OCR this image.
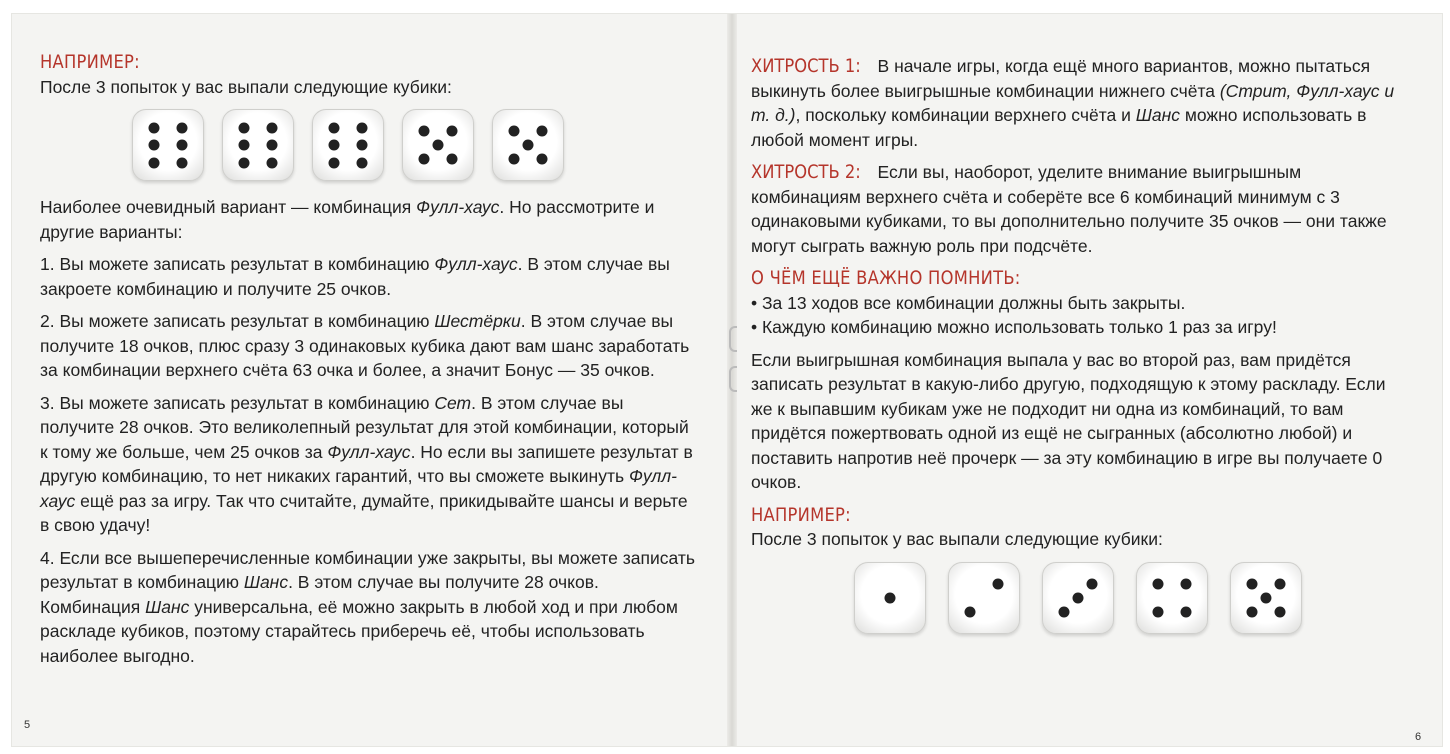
НАПРИМЕР:

После 3 попыток у вас выпали следующие кубики:

Наиболее очевидный вариант — комбинация Фулл-хаус. Но рассмотрите и другие варианты:

1. Вы можете записать результат в комбинацию Фулл-хаус. В этом случае вы закроете комбинацию и получите 25 очков.

2. Вы можете записать результат в комбинацию Шестёрки. В этом случае вы получите 18 очков, плюс сразу 3 одинаковых кубика дают вам шанс заработать за комбинации верхнего счёта 63 очка и более, а значит Бонус — 35 очков.

3. Вы можете записать результат в комбинацию Сет. В этом случае вы получите 28 очков. Это великолепный результат для этой комбинации, который к тому же больше, чем 25 очков за Фулл-хаус. Но если вы запишете результат в другую комбинацию, то нет никаких гарантий, что вы сможете выкинуть Фулл-хаус ещё раз за игру. Так что считайте, думайте, прикидывайте шансы и верьте в свою удачу!

4. Если все вышеперечисленные комбинации уже закрыты, вы можете записать результат в комбинацию Шанс. В этом случае вы получите 28 очков. Комбинация Шанс универсальна, её можно закрыть в любой ход и при любом раскладе кубиков, поэтому старайтесь приберечь её, чтобы использовать наиболее выгодно.

5

ХИТРОСТЬ 1: В начале игры, когда ещё много вариантов, можно пытаться выкинуть более выигрышные комбинации нижнего счёта (Стрит, Фулл-хаус и т. д.), поскольку комбинации верхнего счёта и Шанс можно использовать в любой момент игры.

ХИТРОСТЬ 2: Если вы, наоборот, уделите внимание выигрышным комбинациям верхнего счёта и соберёте все 6 комбинаций минимум с 3 одинаковыми кубиками, то вы дополнительно получите 35 очков — они также могут сыграть важную роль при подсчёте.

О ЧЁМ ЕЩЁ ВАЖНО ПОМНИТЬ:
• За 13 ходов все комбинации должны быть закрыты.
• Каждую комбинацию можно использовать только 1 раз за игру!

Если выигрышная комбинация выпала у вас во второй раз, вам придётся записать результат в какую-либо другую, подходящую к этому раскладу. Если же к выпавшим кубикам уже не подходит ни одна из комбинаций, то вам придётся пожертвовать одной из ещё не сыгранных (абсолютно любой) и поставить напротив неё прочерк — за эту комбинацию в игре вы получаете 0 очков.

НАПРИМЕР:

После 3 попыток у вас выпали следующие кубики:

6
